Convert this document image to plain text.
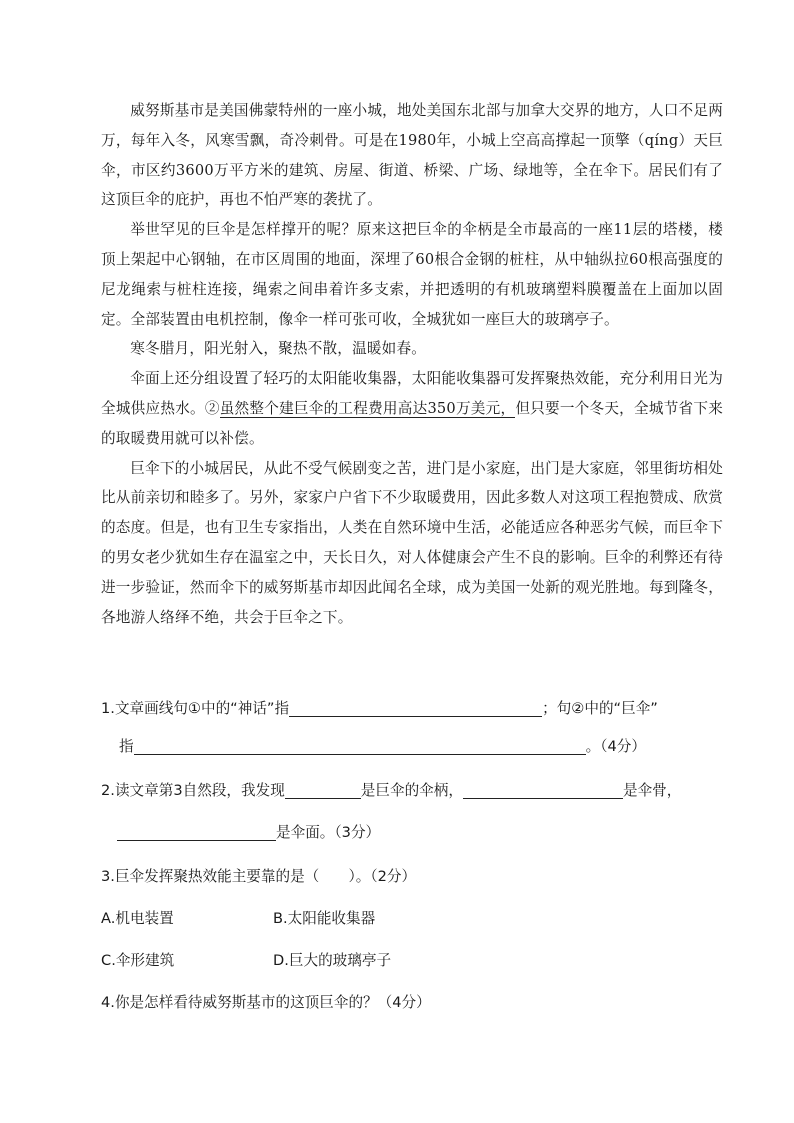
威努斯基市是美国佛蒙特州的一座小城，地处美国东北部与加拿大交界的地方，人口不足两万，每年入冬，风寒雪飘，奇冷刺骨。可是在1980年，小城上空高高撑起一顶擎（qíng）天巨伞，市区约3600万平方米的建筑、房屋、街道、桥梁、广场、绿地等，全在伞下。居民们有了这顶巨伞的庇护，再也不怕严寒的袭扰了。

举世罕见的巨伞是怎样撑开的呢？原来这把巨伞的伞柄是全市最高的一座11层的塔楼，楼顶上架起中心钢轴，在市区周围的地面，深埋了60根合金钢的桩柱，从中轴纵拉60根高强度的尼龙绳索与桩柱连接，绳索之间串着许多支索，并把透明的有机玻璃塑料膜覆盖在上面加以固定。全部装置由电机控制，像伞一样可张可收，全城犹如一座巨大的玻璃亭子。

寒冬腊月，阳光射入，聚热不散，温暖如春。

伞面上还分组设置了轻巧的太阳能收集器，太阳能收集器可发挥聚热效能，充分利用日光为全城供应热水。②虽然整个建巨伞的工程费用高达350万美元，但只要一个冬天，全城节省下来的取暖费用就可以补偿。

巨伞下的小城居民，从此不受气候剧变之苦，进门是小家庭，出门是大家庭，邻里街坊相处比从前亲切和睦多了。另外，家家户户省下不少取暖费用，因此多数人对这项工程抱赞成、欣赏的态度。但是，也有卫生专家指出，人类在自然环境中生活，必能适应各种恶劣气候，而巨伞下的男女老少犹如生存在温室之中，天长日久，对人体健康会产生不良的影响。巨伞的利弊还有待进一步验证，然而伞下的威努斯基市却因此闻名全球，成为美国一处新的观光胜地。每到隆冬，各地游人络绎不绝，共会于巨伞之下。

1.文章画线句①中的“神话”指	；句②中的“巨伞”
指	。（4分）
2.读文章第3自然段，我发现	是巨伞的伞柄，	是伞骨，
是伞面。（3分）
3.巨伞发挥聚热效能主要靠的是（　　）。（2分）
A.机电装置	B.太阳能收集器
C.伞形建筑	D.巨大的玻璃亭子
4.你是怎样看待威努斯基市的这顶巨伞的？（4分）
